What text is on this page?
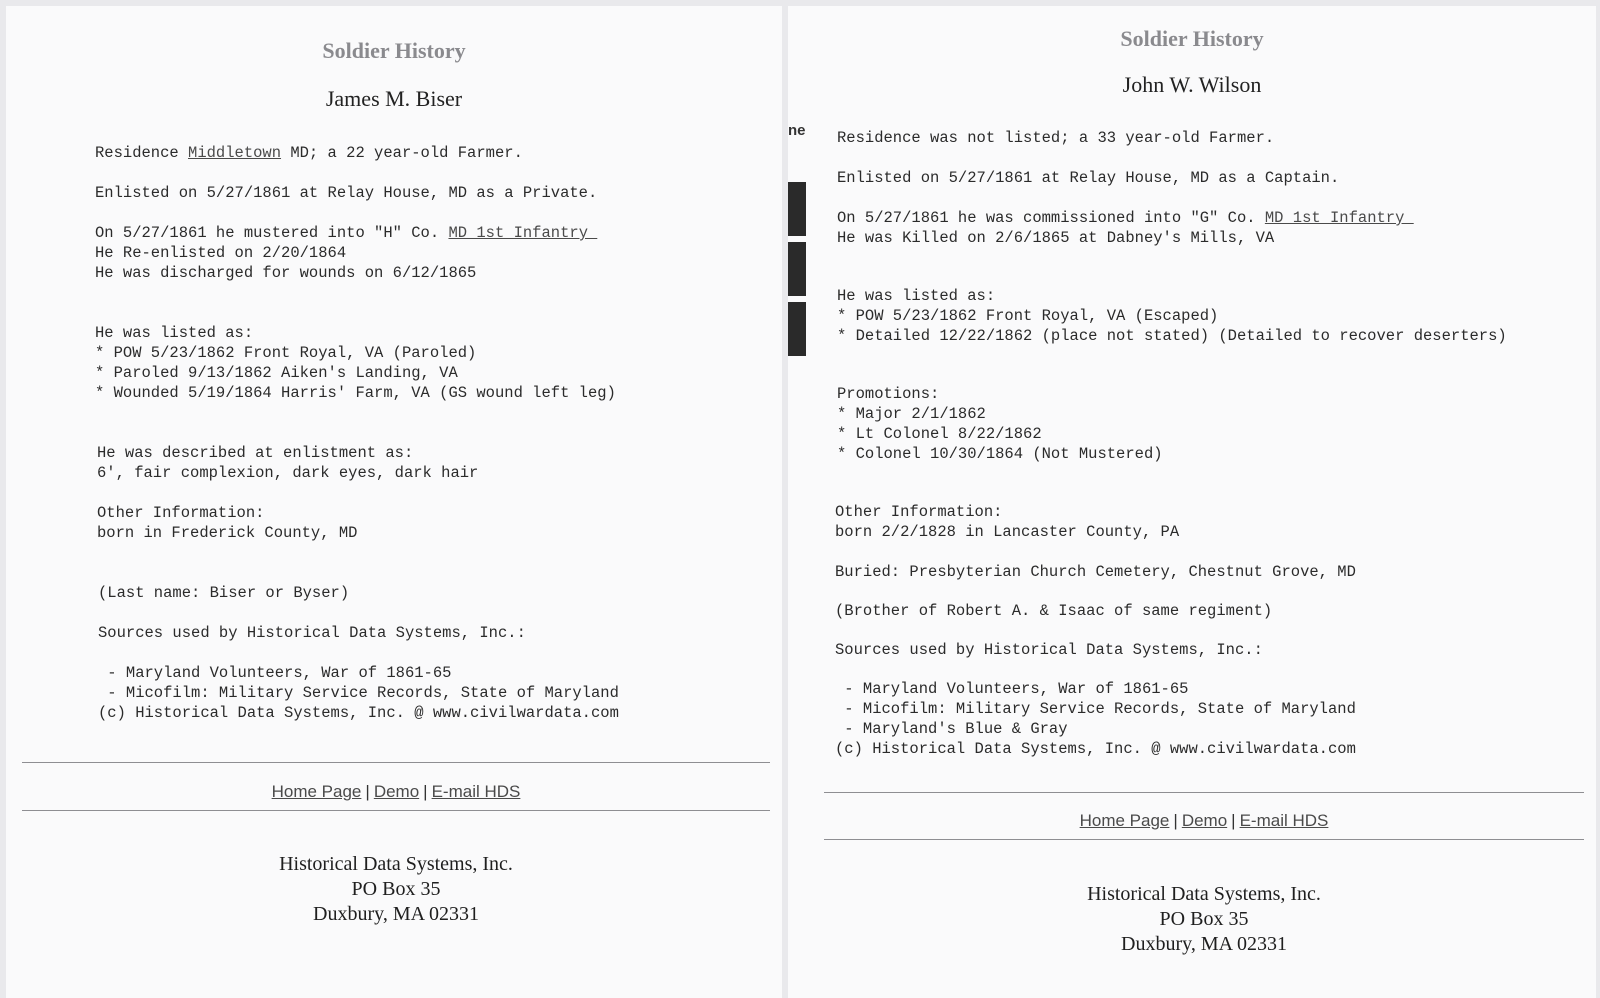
Soldier History
James M. Biser
Residence Middletown MD; a 22 year-old Farmer.
Enlisted on 5/27/1861 at Relay House, MD as a Private.
On 5/27/1861 he mustered into "H" Co. MD 1st Infantry
He Re-enlisted on 2/20/1864
He was discharged for wounds on 6/12/1865
He was listed as:
* POW 5/23/1862 Front Royal, VA (Paroled)
* Paroled 9/13/1862 Aiken's Landing, VA
* Wounded 5/19/1864 Harris' Farm, VA (GS wound left leg)
He was described at enlistment as:
6', fair complexion, dark eyes, dark hair
Other Information:
born in Frederick County, MD
(Last name: Biser or Byser)
Sources used by Historical Data Systems, Inc.:
- Maryland Volunteers, War of 1861-65
- Micofilm: Military Service Records, State of Maryland
(c) Historical Data Systems, Inc. @ www.civilwardata.com
Home Page | Demo | E-mail HDS
Historical Data Systems, Inc.
PO Box 35
Duxbury, MA 02331
ne
Soldier History
John W. Wilson
Residence was not listed; a 33 year-old Farmer.
Enlisted on 5/27/1861 at Relay House, MD as a Captain.
On 5/27/1861 he was commissioned into "G" Co. MD 1st Infantry
He was Killed on 2/6/1865 at Dabney's Mills, VA
He was listed as:
* POW 5/23/1862 Front Royal, VA (Escaped)
* Detailed 12/22/1862 (place not stated) (Detailed to recover deserters)
Promotions:
* Major 2/1/1862
* Lt Colonel 8/22/1862
* Colonel 10/30/1864 (Not Mustered)
Other Information:
born 2/2/1828 in Lancaster County, PA
Buried: Presbyterian Church Cemetery, Chestnut Grove, MD
(Brother of Robert A. & Isaac of same regiment)
Sources used by Historical Data Systems, Inc.:
- Maryland Volunteers, War of 1861-65
- Micofilm: Military Service Records, State of Maryland
- Maryland's Blue & Gray
(c) Historical Data Systems, Inc. @ www.civilwardata.com
Home Page | Demo | E-mail HDS
Historical Data Systems, Inc.
PO Box 35
Duxbury, MA 02331
